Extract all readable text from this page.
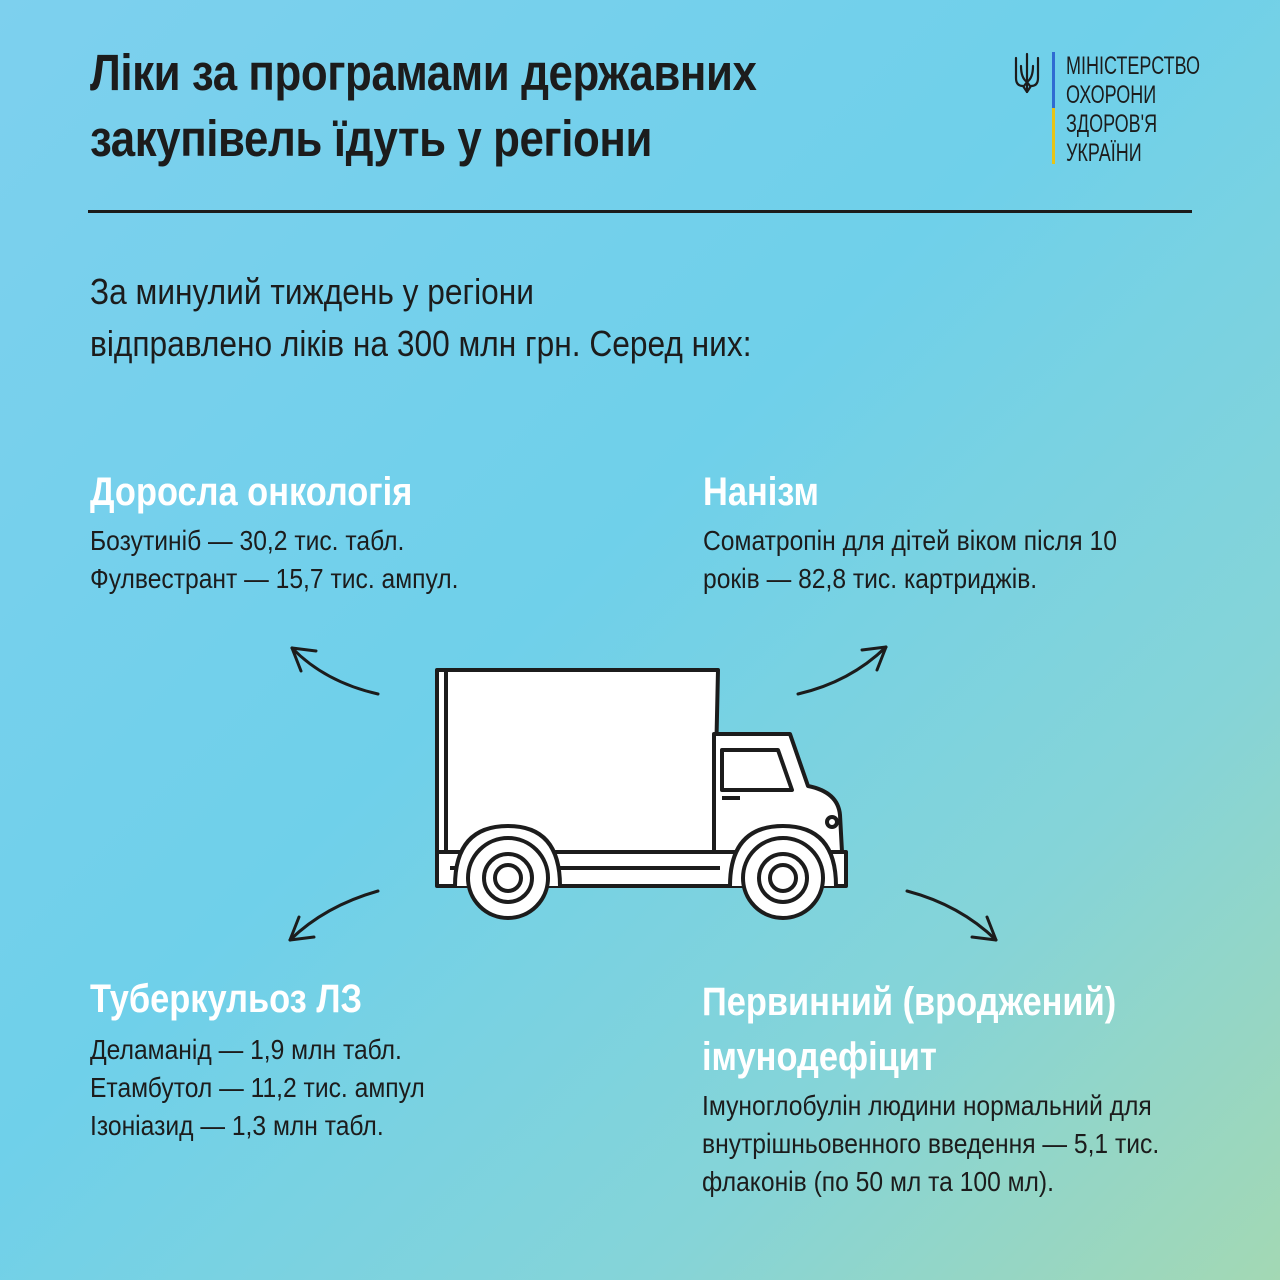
Ліки за програмами державних
закупівель їдуть у регіони
МІНІСТЕРСТВО
ОХОРОНИ
ЗДОРОВ'Я
УКРАЇНИ
За минулий тиждень у регіони
відправлено ліків на 300 млн грн. Серед них:
Доросла онкологія
Бозутиніб — 30,2 тис. табл.
Фулвестрант — 15,7 тис. ампул.
Нанізм
Соматропін для дітей віком після 10
років — 82,8 тис. картриджів.
Туберкульоз ЛЗ
Деламанід — 1,9 млн табл.
Етамбутол — 11,2 тис. ампул
Ізоніазид — 1,3 млн табл.
Первинний (вроджений)
імунодефіцит
Імуноглобулін людини нормальний для
внутрішньовенного введення — 5,1 тис.
флаконів (по 50 мл та 100 мл).
